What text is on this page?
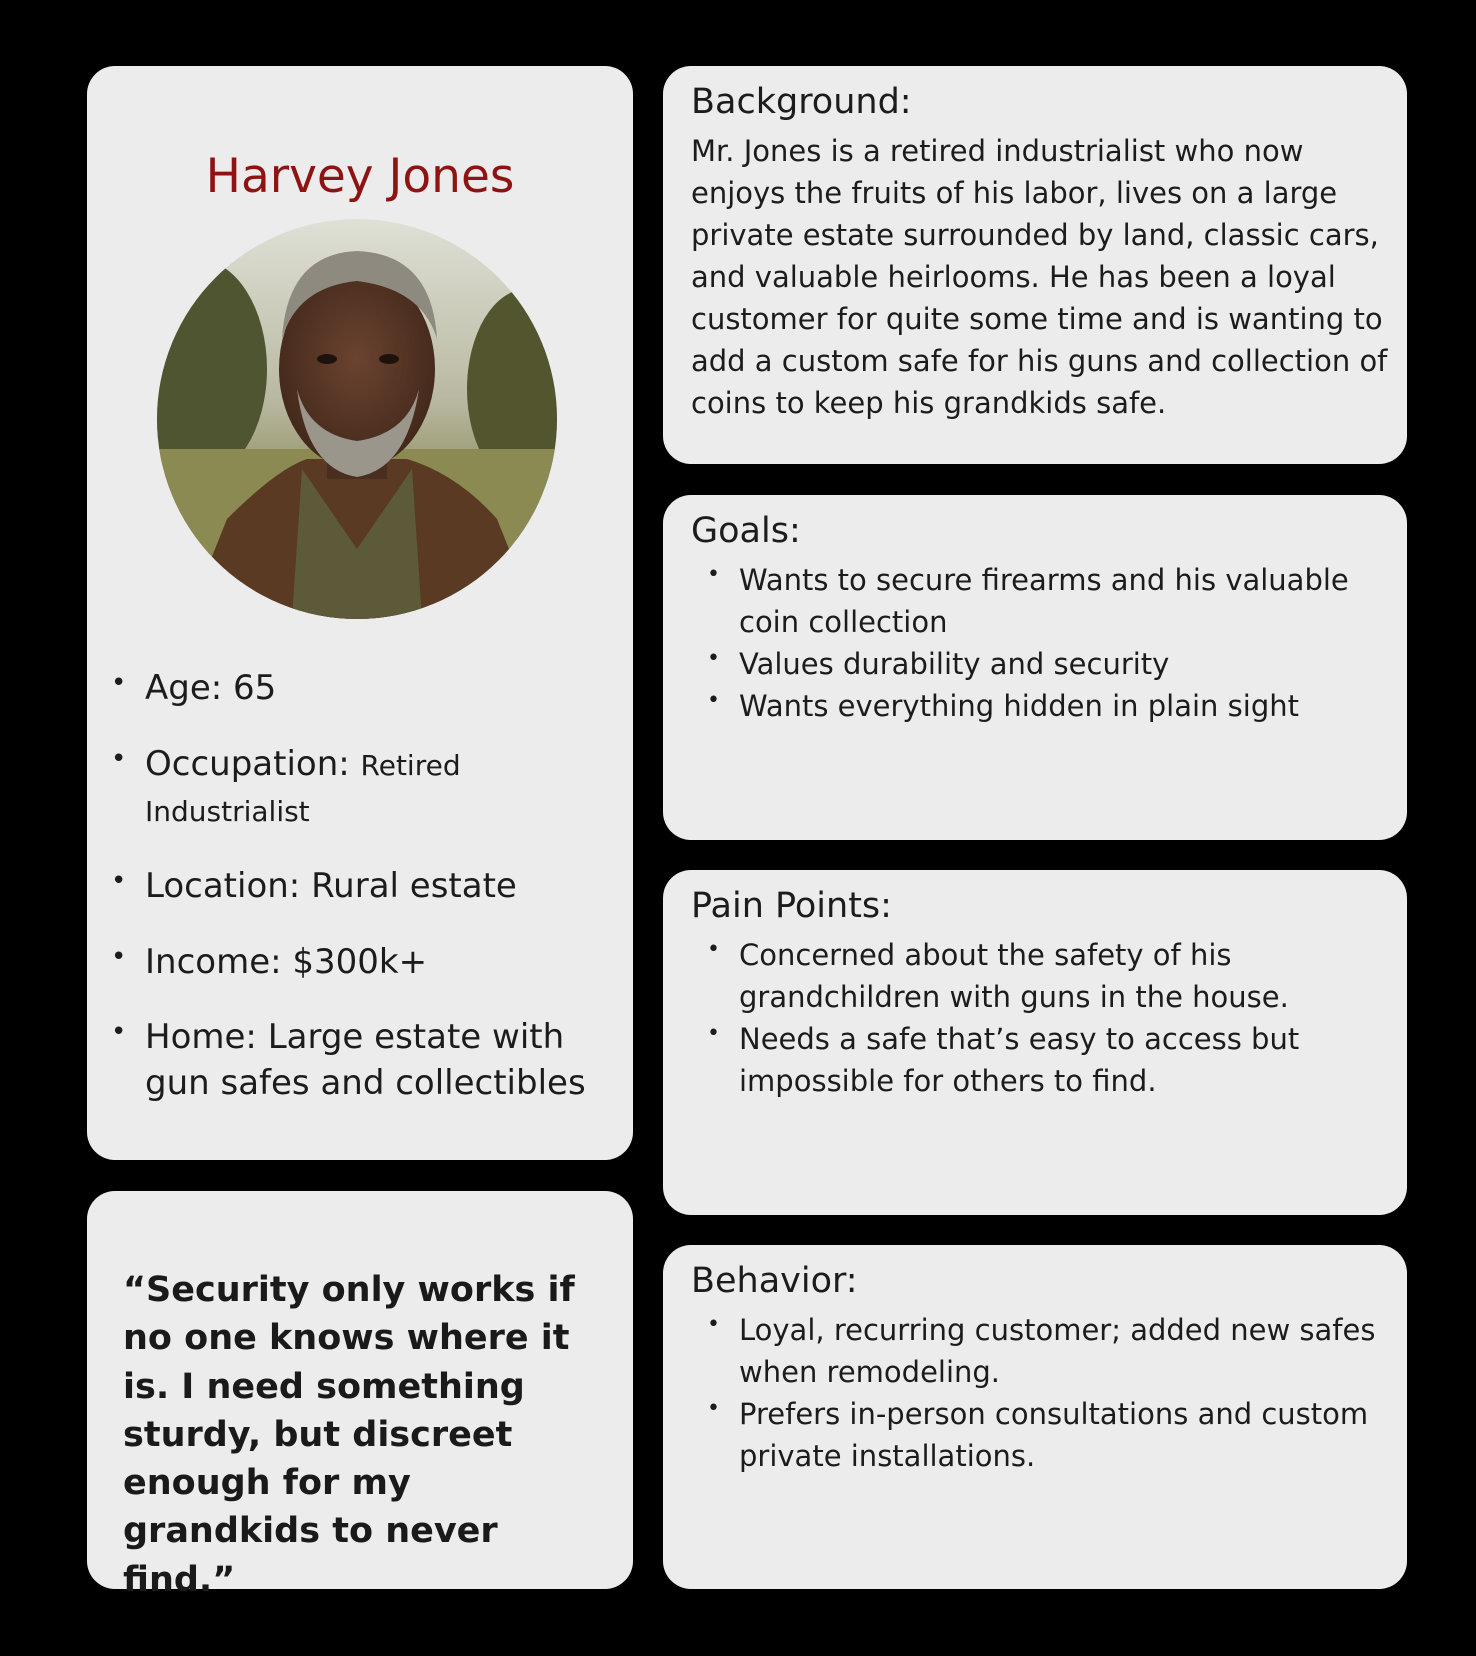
Harvey Jones
• Age: 65
• Occupation: Retired Industrialist
• Location: Rural estate
• Income: $300k+
• Home: Large estate with gun safes and collectibles

“Security only works if no one knows where it is. I need something sturdy, but discreet enough for my grandkids to never find.”

Background:

Mr. Jones is a retired industrialist who now enjoys the fruits of his labor, lives on a large private estate surrounded by land, classic cars, and valuable heirlooms. He has been a loyal customer for quite some time and is wanting to add a custom safe for his guns and collection of coins to keep his grandkids safe.

Goals:
• Wants to secure firearms and his valuable coin collection
• Values durability and security
• Wants everything hidden in plain sight
Pain Points:
• Concerned about the safety of his grandchildren with guns in the house.
• Needs a safe that’s easy to access but impossible for others to find.
Behavior:
• Loyal, recurring customer; added new safes when remodeling.
• Prefers in-person consultations and custom private installations.
